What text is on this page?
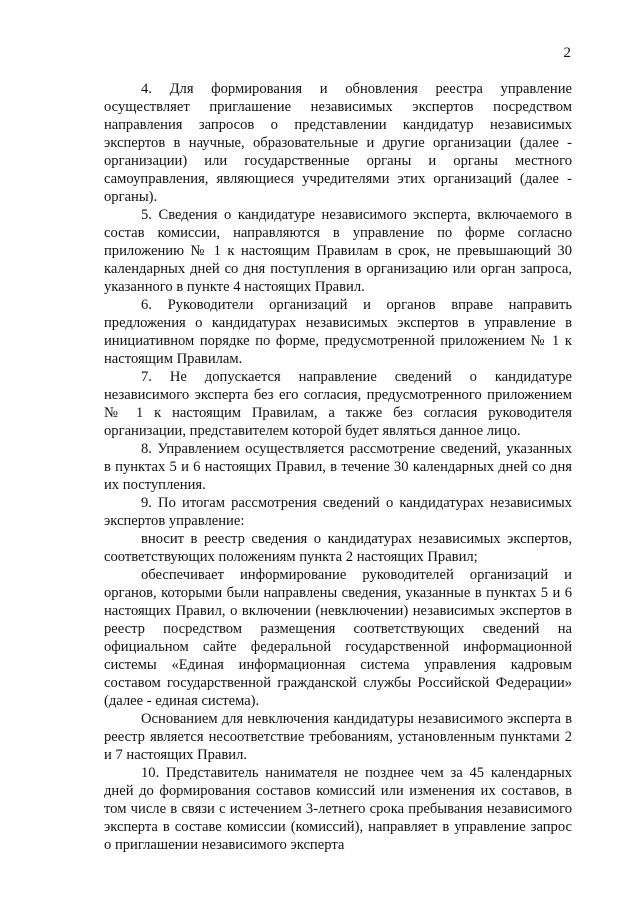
2

4. Для формирования и обновления реестра управление осуществляет приглашение независимых экспертов посредством направления запросов о представлении кандидатур независимых экспертов в научные, образовательные и другие организации (далее - организации) или государственные органы и органы местного самоуправления, являющиеся учредителями этих организаций (далее - органы).

5. Сведения о кандидатуре независимого эксперта, включаемого в состав комиссии, направляются в управление по форме согласно приложению № 1 к настоящим Правилам в срок, не превышающий 30 календарных дней со дня поступления в организацию или орган запроса, указанного в пункте 4 настоящих Правил.

6. Руководители организаций и органов вправе направить предложения о кандидатурах независимых экспертов в управление в инициативном порядке по форме, предусмотренной приложением № 1 к настоящим Правилам.

7. Не допускается направление сведений о кандидатуре независимого эксперта без его согласия, предусмотренного приложением № 1 к настоящим Правилам, а также без согласия руководителя организации, представителем которой будет являться данное лицо.

8. Управлением осуществляется рассмотрение сведений, указанных в пунктах 5 и 6 настоящих Правил, в течение 30 календарных дней со дня их поступления.

9. По итогам рассмотрения сведений о кандидатурах независимых экспертов управление:

вносит в реестр сведения о кандидатурах независимых экспертов, соответствующих положениям пункта 2 настоящих Правил;

обеспечивает информирование руководителей организаций и органов, которыми были направлены сведения, указанные в пунктах 5 и 6 настоящих Правил, о включении (невключении) независимых экспертов в реестр посредством размещения соответствующих сведений на официальном сайте федеральной государственной информационной системы «Единая информационная система управления кадровым составом государственной гражданской службы Российской Федерации» (далее - единая система).

Основанием для невключения кандидатуры независимого эксперта в реестр является несоответствие требованиям, установленным пунктами 2 и 7 настоящих Правил.

10. Представитель нанимателя не позднее чем за 45 календарных дней до формирования составов комиссий или изменения их составов, в том числе в связи с истечением 3-летнего срока пребывания независимого эксперта в составе комиссии (комиссий), направляет в управление запрос о приглашении независимого эксперта
